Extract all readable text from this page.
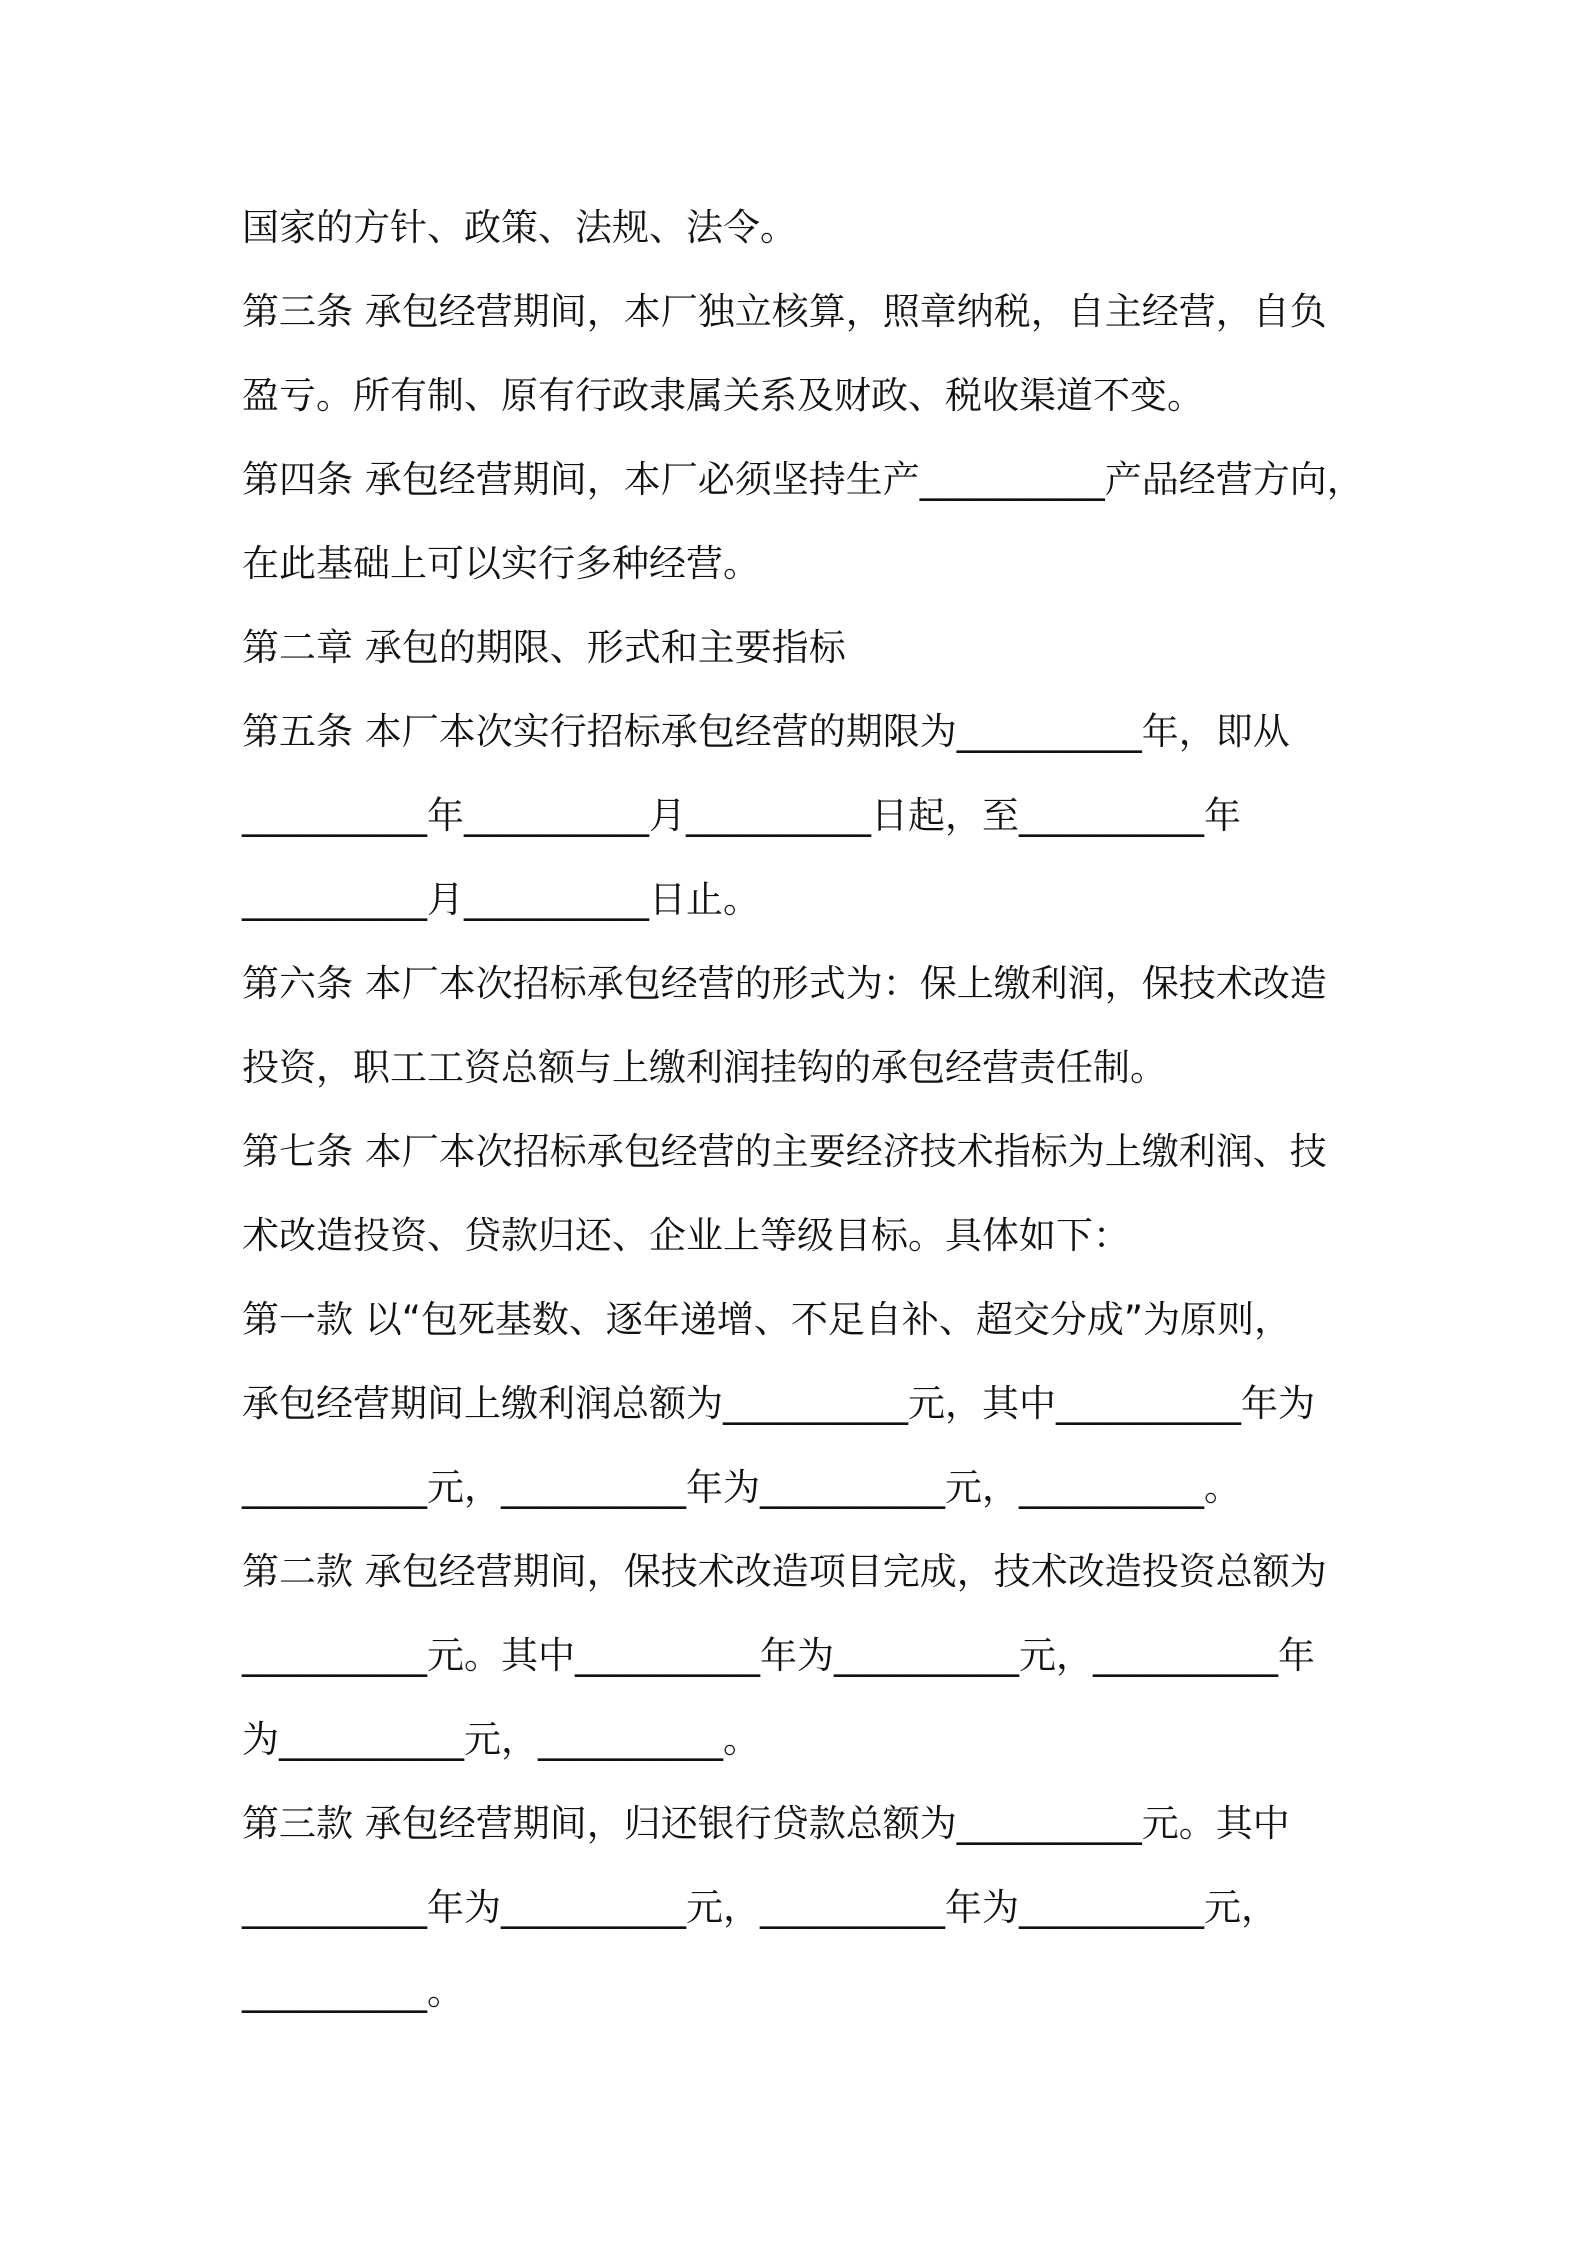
国家的方针、政策、法规、法令。
第三条 承包经营期间，本厂独立核算，照章纳税，自主经营，自负
盈亏。所有制、原有行政隶属关系及财政、税收渠道不变。
第四条 承包经营期间，本厂必须坚持生产__________产品经营方向，
在此基础上可以实行多种经营。
第二章 承包的期限、形式和主要指标
第五条 本厂本次实行招标承包经营的期限为__________年，即从
__________年__________月__________日起，至__________年
__________月__________日止。
第六条 本厂本次招标承包经营的形式为：保上缴利润，保技术改造
投资，职工工资总额与上缴利润挂钩的承包经营责任制。
第七条 本厂本次招标承包经营的主要经济技术指标为上缴利润、技
术改造投资、贷款归还、企业上等级目标。具体如下：
第一款 以“包死基数、逐年递增、不足自补、超交分成”为原则，
承包经营期间上缴利润总额为__________元，其中__________年为
__________元，__________年为__________元，__________。
第二款 承包经营期间，保技术改造项目完成，技术改造投资总额为
__________元。其中__________年为__________元，__________年
为__________元，__________。
第三款 承包经营期间，归还银行贷款总额为__________元。其中
__________年为__________元，__________年为__________元，
__________。
